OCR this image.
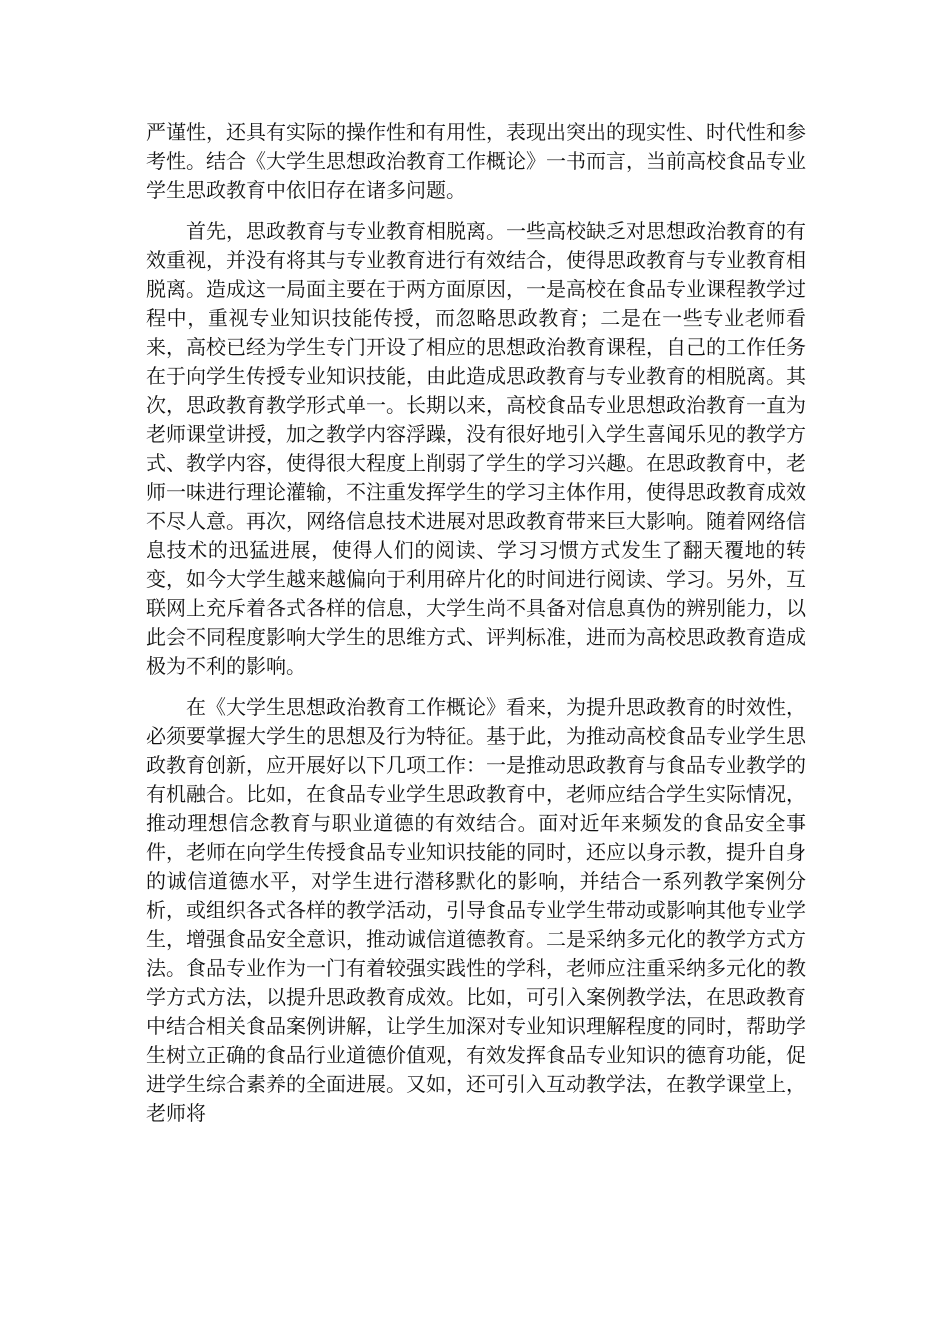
严谨性，还具有实际的操作性和有用性，表现出突出的现实性、时代性和参考性。结合《大学生思想政治教育工作概论》一书而言，当前高校食品专业学生思政教育中依旧存在诸多问题。

首先，思政教育与专业教育相脱离。一些高校缺乏对思想政治教育的有效重视，并没有将其与专业教育进行有效结合，使得思政教育与专业教育相脱离。造成这一局面主要在于两方面原因，一是高校在食品专业课程教学过程中，重视专业知识技能传授，而忽略思政教育；二是在一些专业老师看来，高校已经为学生专门开设了相应的思想政治教育课程，自己的工作任务在于向学生传授专业知识技能，由此造成思政教育与专业教育的相脱离。其次，思政教育教学形式单一。长期以来，高校食品专业思想政治教育一直为老师课堂讲授，加之教学内容浮躁，没有很好地引入学生喜闻乐见的教学方式、教学内容，使得很大程度上削弱了学生的学习兴趣。在思政教育中，老师一味进行理论灌输，不注重发挥学生的学习主体作用，使得思政教育成效不尽人意。再次，网络信息技术进展对思政教育带来巨大影响。随着网络信息技术的迅猛进展，使得人们的阅读、学习习惯方式发生了翻天覆地的转变，如今大学生越来越偏向于利用碎片化的时间进行阅读、学习。另外，互联网上充斥着各式各样的信息，大学生尚不具备对信息真伪的辨别能力，以此会不同程度影响大学生的思维方式、评判标准，进而为高校思政教育造成极为不利的影响。

在《大学生思想政治教育工作概论》看来，为提升思政教育的时效性，必须要掌握大学生的思想及行为特征。基于此，为推动高校食品专业学生思政教育创新，应开展好以下几项工作：一是推动思政教育与食品专业教学的有机融合。比如，在食品专业学生思政教育中，老师应结合学生实际情况，推动理想信念教育与职业道德的有效结合。面对近年来频发的食品安全事件，老师在向学生传授食品专业知识技能的同时，还应以身示教，提升自身的诚信道德水平，对学生进行潜移默化的影响，并结合一系列教学案例分析，或组织各式各样的教学活动，引导食品专业学生带动或影响其他专业学生，增强食品安全意识，推动诚信道德教育。二是采纳多元化的教学方式方法。食品专业作为一门有着较强实践性的学科，老师应注重采纳多元化的教学方式方法，以提升思政教育成效。比如，可引入案例教学法，在思政教育中结合相关食品案例讲解，让学生加深对专业知识理解程度的同时，帮助学生树立正确的食品行业道德价值观，有效发挥食品专业知识的德育功能，促进学生综合素养的全面进展。又如，还可引入互动教学法，在教学课堂上，老师将
